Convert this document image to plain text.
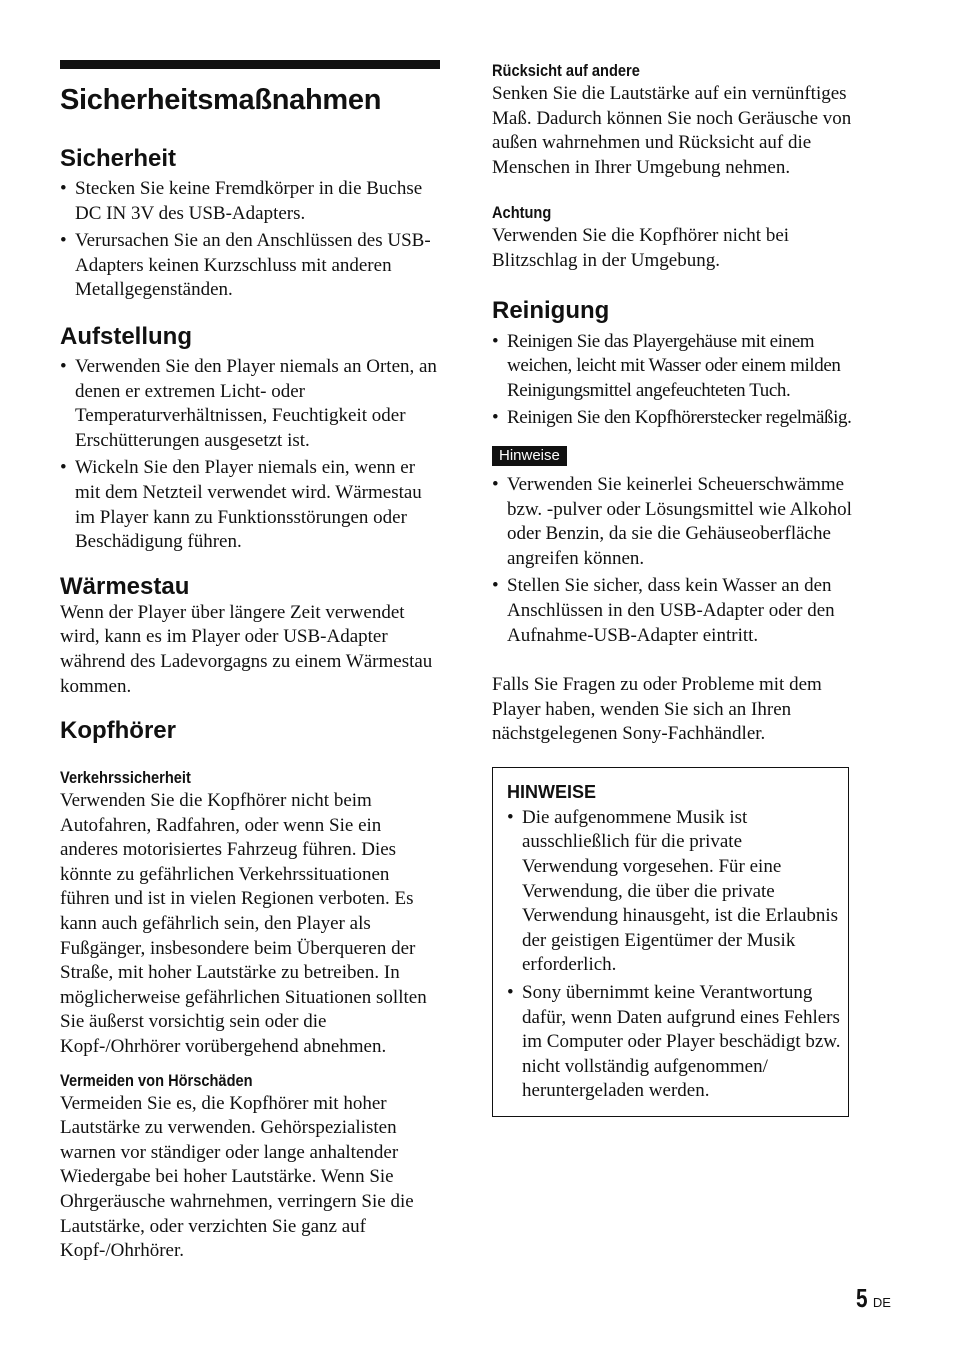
Sicherheitsmaßnahmen
Sicherheit
• Stecken Sie keine Fremdkörper in die Buchse DC IN 3V des USB-Adapters.
• Verursachen Sie an den Anschlüssen des USB-Adapters keinen Kurzschluss mit anderen Metallgegenständen.
Aufstellung
• Verwenden Sie den Player niemals an Orten, an denen er extremen Licht- oder Temperaturverhältnissen, Feuchtigkeit oder Erschütterungen ausgesetzt ist.
• Wickeln Sie den Player niemals ein, wenn er mit dem Netzteil verwendet wird. Wärmestau im Player kann zu Funktionsstörungen oder Beschädigung führen.
Wärmestau

Wenn der Player über längere Zeit verwendet wird, kann es im Player oder USB-Adapter während des Ladevorgagns zu einem Wärmestau kommen.

Kopfhörer
Verkehrssicherheit

Verwenden Sie die Kopfhörer nicht beim Autofahren, Radfahren, oder wenn Sie ein anderes motorisiertes Fahrzeug führen. Dies könnte zu gefährlichen Verkehrssituationen führen und ist in vielen Regionen verboten. Es kann auch gefährlich sein, den Player als Fußgänger, insbesondere beim Überqueren der Straße, mit hoher Lautstärke zu betreiben. In möglicherweise gefährlichen Situationen sollten Sie äußerst vorsichtig sein oder die Kopf-/Ohrhörer vorübergehend abnehmen.

Vermeiden von Hörschäden

Vermeiden Sie es, die Kopfhörer mit hoher Lautstärke zu verwenden. Gehörspezialisten warnen vor ständiger oder lange anhaltender Wiedergabe bei hoher Lautstärke. Wenn Sie Ohrgeräusche wahrnehmen, verringern Sie die Lautstärke, oder verzichten Sie ganz auf Kopf-/Ohrhörer.

Rücksicht auf andere

Senken Sie die Lautstärke auf ein vernünftiges Maß. Dadurch können Sie noch Geräusche von außen wahrnehmen und Rücksicht auf die Menschen in Ihrer Umgebung nehmen.

Achtung

Verwenden Sie die Kopfhörer nicht bei Blitzschlag in der Umgebung.

Reinigung
• Reinigen Sie das Playergehäuse mit einem weichen, leicht mit Wasser oder einem milden Reinigungsmittel angefeuchteten Tuch.
• Reinigen Sie den Kopfhörerstecker regelmäßig.
Hinweise
• Verwenden Sie keinerlei Scheuerschwämme bzw. -pulver oder Lösungsmittel wie Alkohol oder Benzin, da sie die Gehäuseoberfläche angreifen können.
• Stellen Sie sicher, dass kein Wasser an den Anschlüssen in den USB-Adapter oder den Aufnahme-USB-Adapter eintritt.

Falls Sie Fragen zu oder Probleme mit dem Player haben, wenden Sie sich an Ihren nächstgelegenen Sony-Fachhändler.

HINWEISE
• Die aufgenommene Musik ist ausschließlich für die private Verwendung vorgesehen. Für eine Verwendung, die über die private Verwendung hinausgeht, ist die Erlaubnis der geistigen Eigentümer der Musik erforderlich.
• Sony übernimmt keine Verantwortung dafür, wenn Daten aufgrund eines Fehlers im Computer oder Player beschädigt bzw. nicht vollständig aufgenommen/ heruntergeladen werden.
5 DE
